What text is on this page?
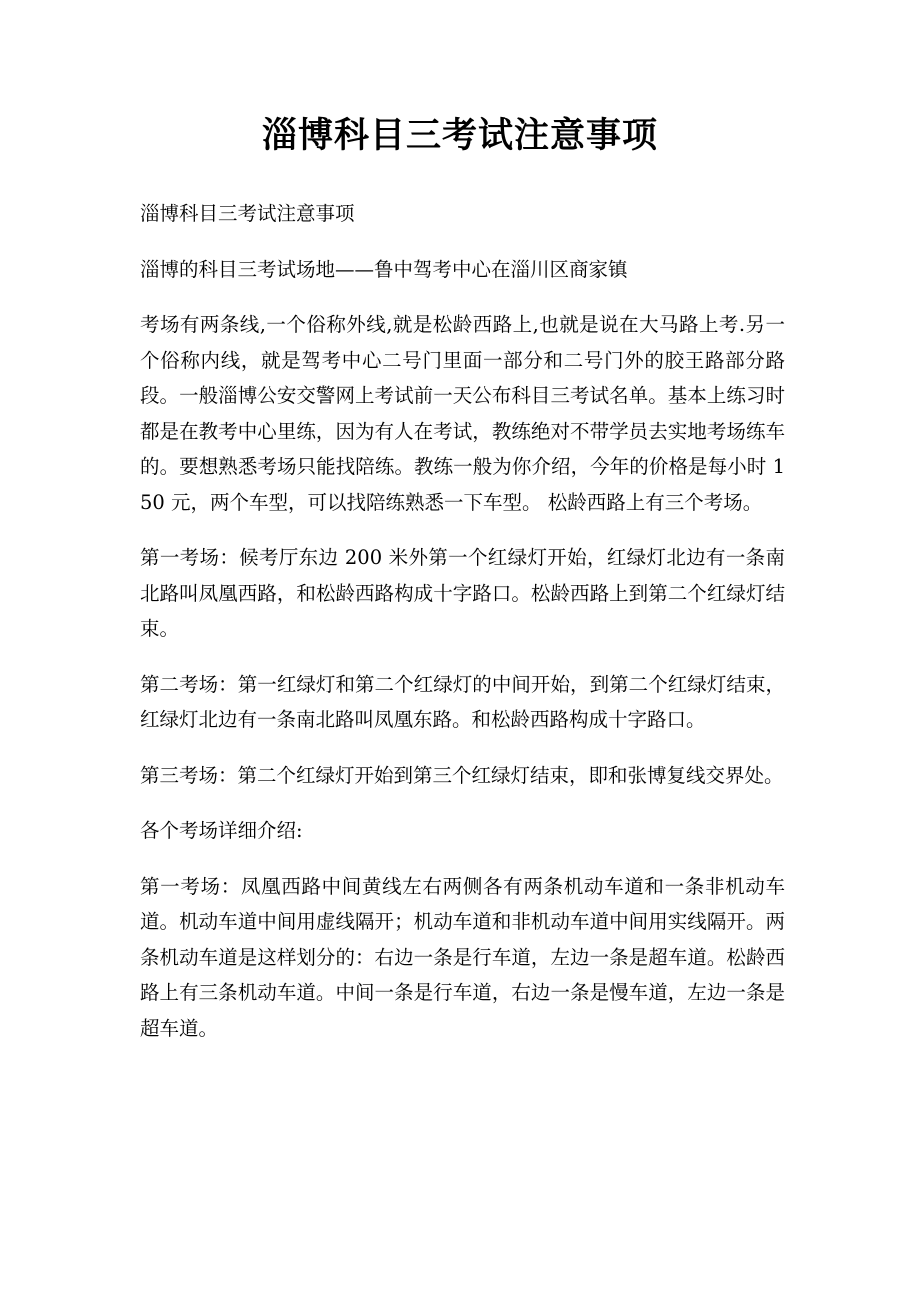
淄博科目三考试注意事项

淄博科目三考试注意事项

淄博的科目三考试场地——鲁中驾考中心在淄川区商家镇

考场有两条线,一个俗称外线,就是松龄西路上,也就是说在大马路上考.另一个俗称内线，就是驾考中心二号门里面一部分和二号门外的胶王路部分路段。一般淄博公安交警网上考试前一天公布科目三考试名单。基本上练习时都是在教考中心里练，因为有人在考试，教练绝对不带学员去实地考场练车的。要想熟悉考场只能找陪练。教练一般为你介绍，今年的价格是每小时 150 元，两个车型，可以找陪练熟悉一下车型。 松龄西路上有三个考场。

第一考场：候考厅东边 200 米外第一个红绿灯开始，红绿灯北边有一条南北路叫凤凰西路，和松龄西路构成十字路口。松龄西路上到第二个红绿灯结束。

第二考场：第一红绿灯和第二个红绿灯的中间开始，到第二个红绿灯结束，红绿灯北边有一条南北路叫凤凰东路。和松龄西路构成十字路口。

第三考场：第二个红绿灯开始到第三个红绿灯结束，即和张博复线交界处。

各个考场详细介绍:

第一考场：凤凰西路中间黄线左右两侧各有两条机动车道和一条非机动车道。机动车道中间用虚线隔开；机动车道和非机动车道中间用实线隔开。两条机动车道是这样划分的：右边一条是行车道，左边一条是超车道。松龄西路上有三条机动车道。中间一条是行车道，右边一条是慢车道，左边一条是超车道。
